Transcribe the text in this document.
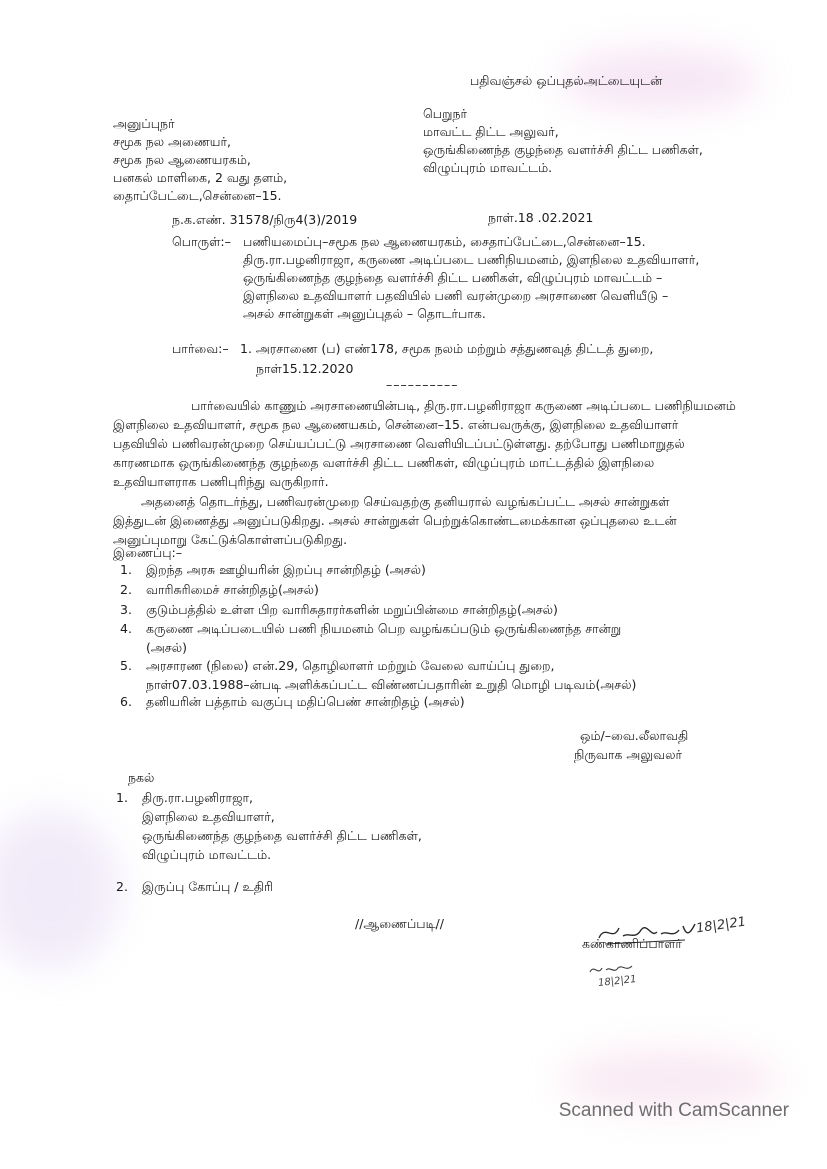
பதிவஞ்சல் ஒப்புதல்அட்டையுடன்
அனுப்புநர்
சமூக நல அணையர்,
சமூக நல ஆணையரகம்,
பனகல் மாளிகை, 2 வது தளம்,
தைாப்பேட்டை,சென்னை–15.
பெறுநர்
மாவட்ட திட்ட அலுவர்,
ஒருங்கிணைந்த குழந்தை வளர்ச்சி திட்ட பணிகள்,
விழுப்புரம் மாவட்டம்.
ந.க.எண். 31578/நிரு4(3)/2019	நாள்.18 .02.2021
பொருள்:– பணியமைப்பு–சமூக நல ஆணையரகம், சைதாப்பேட்டை,சென்னை–15.
திரு.ரா.பழனிராஜா, கருணை அடிப்படை பணிநியமனம், இளநிலை உதவியாளர்,
ஒருங்கிணைந்த குழந்தை வளர்ச்சி திட்ட பணிகள், விழுப்புரம் மாவட்டம் –
இளநிலை உதவியாளர் பதவியில் பணி வரன்முறை அரசாணை வெளியீடு –
அசல் சான்றுகள் அனுப்புதல் – தொடர்பாக.
பார்வை:– 1. அரசாணை (ப) எண்178, சமூக நலம் மற்றும் சத்துணவுத் திட்டத் துறை,
நாள்15.12.2020
––––––––––
பார்வையில் காணும் அரசாணையின்படி, திரு.ரா.பழனிராஜா கருணை அடிப்படை பணிநியமனம்
இளநிலை உதவியாளர், சமூக நல ஆணையகம், சென்னை–15. என்பவருக்கு, இளநிலை உதவியாளர்
பதவியில் பணிவரன்முறை செய்யப்பட்டு அரசாணை வெளியிடப்பட்டுள்ளது. தற்போது பணிமாறுதல்
காரணமாக ஒருங்கிணைந்த குழந்தை வளர்ச்சி திட்ட பணிகள், விழுப்புரம் மாட்டத்தில் இளநிலை
உதவியாளராக பணிபுரிந்து வருகிறார்.
அதனைத் தொடர்ந்து, பணிவரன்முறை செய்வதற்கு தனியரால் வழங்கப்பட்ட அசல் சான்றுகள்
இத்துடன் இணைத்து அனுப்படுகிறது. அசல் சான்றுகள் பெற்றுக்கொண்டமைக்கான ஒப்புதலை உடன்
அனுப்புமாறு கேட்டுக்கொள்ளப்படுகிறது.
இணைப்பு:–
1.	இறந்த அரசு ஊழியரின் இறப்பு சான்றிதழ் (அசல்)
2.	வாரிசுரிமைச் சான்றிதழ்(அசல்)
3.	குடும்பத்தில் உள்ள பிற வாரிசுதாரர்களின் மறுப்பின்மை சான்றிதழ்(அசல்)
4.	கருணை அடிப்படையில் பணி நியமனம் பெற வழங்கப்படும் ஒருங்கிணைந்த சான்று
(அசல்)
5.	அரசாரண (நிலை) என்.29, தொழிலாளர் மற்றும் வேலை வாய்ப்பு துறை,
நாள்07.03.1988–ன்படி அளிக்கப்பட்ட விண்ணப்பதாரின் உறுதி மொழி படிவம்(அசல்)
6.	தனியரின் பத்தாம் வகுப்பு மதிப்பெண் சான்றிதழ் (அசல்)
ஒம்/–வை.லீலாவதி
நிருவாக அலுவலர்
நகல்
1.	திரு.ரா.பழனிராஜா,
இளநிலை உதவியாளர்,
ஒருங்கிணைந்த குழந்தை வளர்ச்சி திட்ட பணிகள்,
விழுப்புரம் மாவட்டம்.
2.	இருப்பு கோப்பு / உதிரி
//ஆணைப்படி//	18|2|21
கண்காணிப்பாளர்
18|2|21
Scanned with CamScanner
